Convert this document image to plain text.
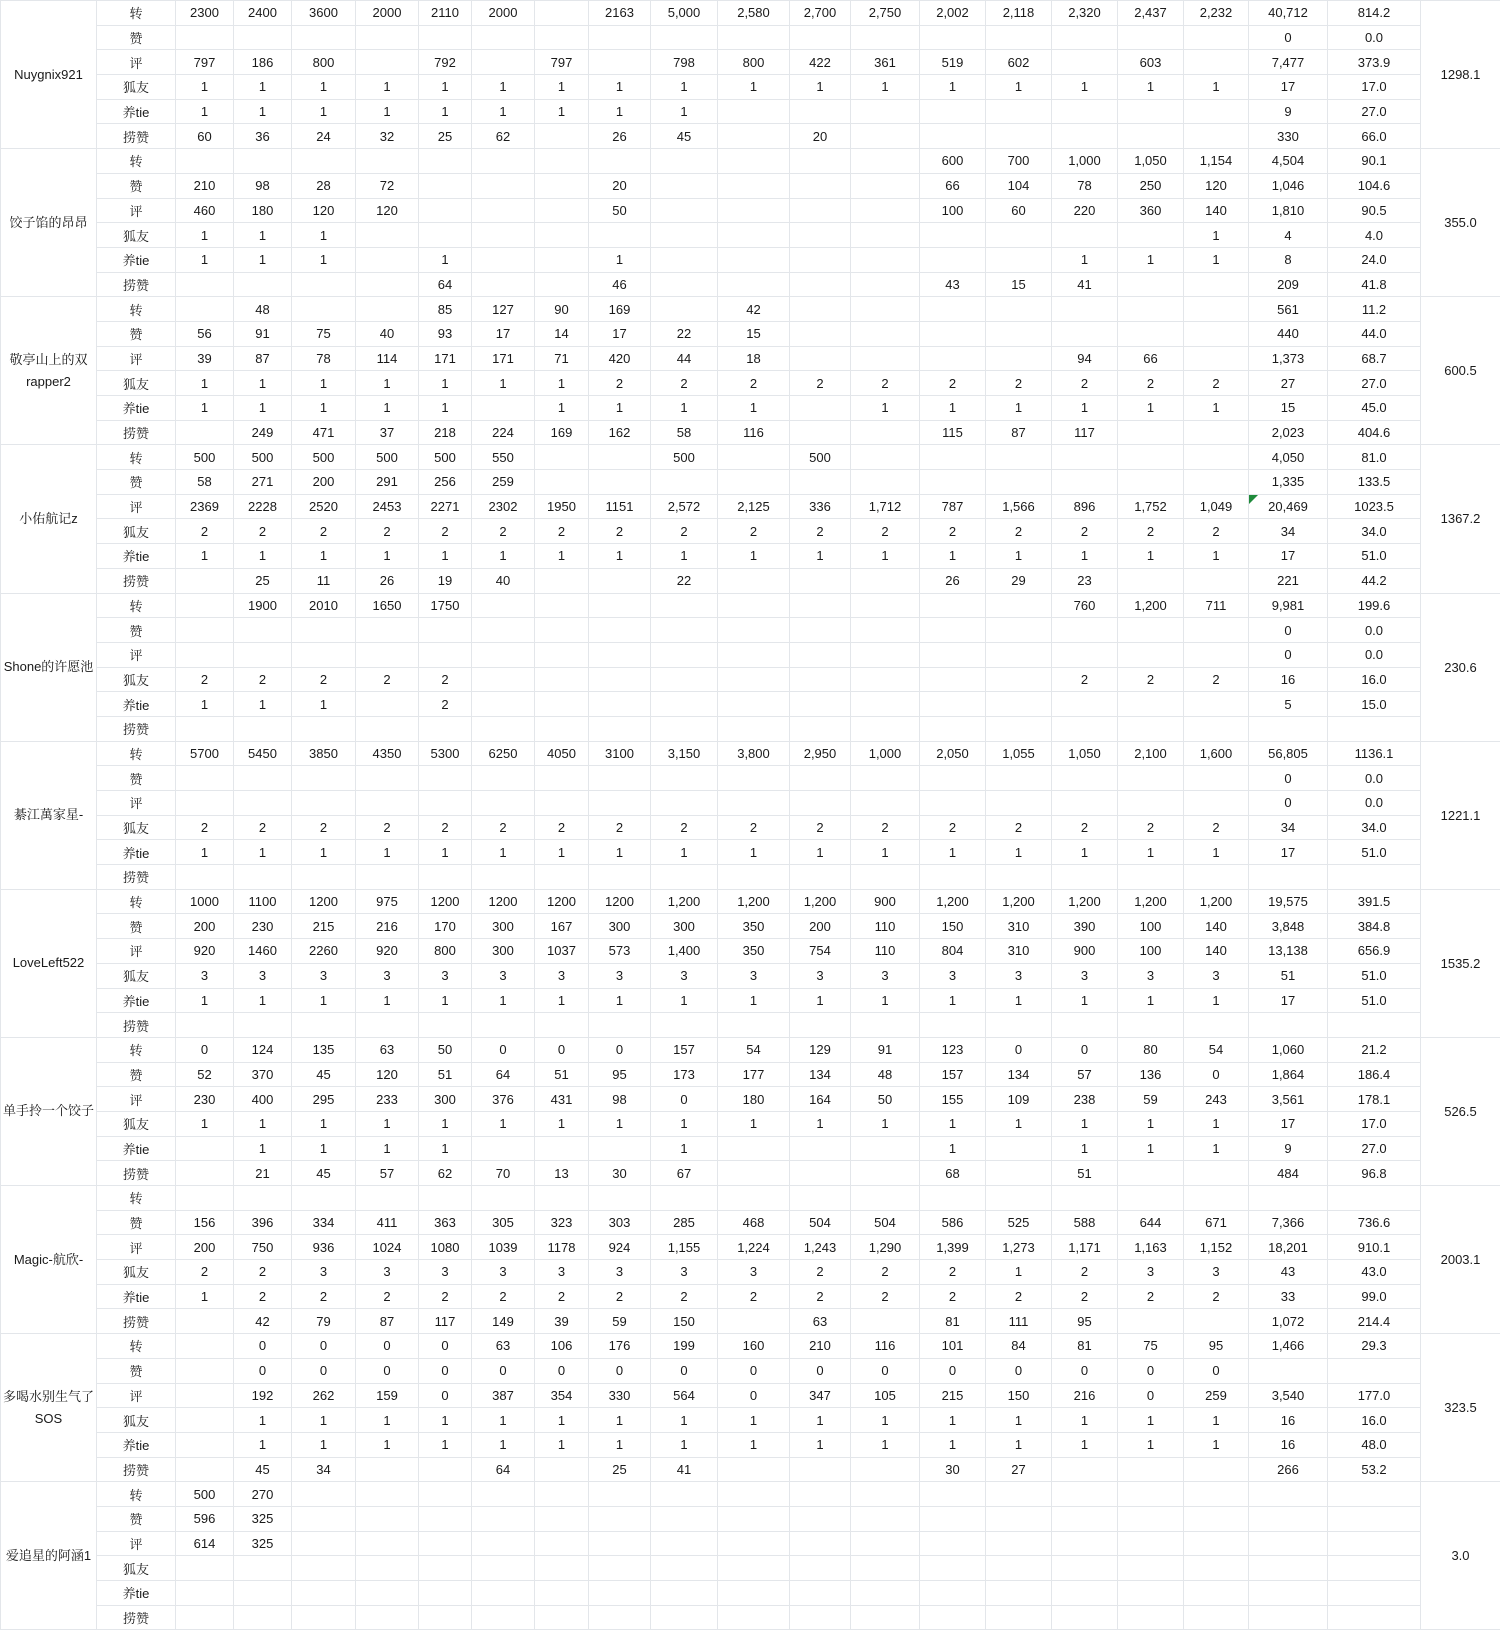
Nuygnix921	转	2300	2400	3600	2000	2110	2000		2163	5,000	2,580	2,700	2,750	2,002	2,118	2,320	2,437	2,232	40,712	814.2	1298.1
	赞																		0	0.0	
	评	797	186	800		792		797		798	800	422	361	519	602		603		7,477	373.9	
	狐友	1	1	1	1	1	1	1	1	1	1	1	1	1	1	1	1	1	17	17.0	
	养tie	1	1	1	1	1	1	1	1	1									9	27.0	
	捞赞	60	36	24	32	25	62		26	45		20							330	66.0	
饺子馅的昂昂	转													600	700	1,000	1,050	1,154	4,504	90.1	355.0
	赞	210	98	28	72				20					66	104	78	250	120	1,046	104.6	
	评	460	180	120	120				50					100	60	220	360	140	1,810	90.5	
	狐友	1	1	1														1	4	4.0	
	养tie	1	1	1		1			1							1	1	1	8	24.0	
	捞赞					64			46					43	15	41			209	41.8	
敬亭山上的双rapper2	转		48			85	127	90	169		42								561	11.2	600.5
	赞	56	91	75	40	93	17	14	17	22	15								440	44.0	
	评	39	87	78	114	171	171	71	420	44	18					94	66		1,373	68.7	
	狐友	1	1	1	1	1	1	1	2	2	2	2	2	2	2	2	2	2	27	27.0	
	养tie	1	1	1	1	1		1	1	1	1		1	1	1	1	1	1	15	45.0	
	捞赞		249	471	37	218	224	169	162	58	116			115	87	117			2,023	404.6	
小佑航记z	转	500	500	500	500	500	550			500		500							4,050	81.0	1367.2
	赞	58	271	200	291	256	259												1,335	133.5	
	评	2369	2228	2520	2453	2271	2302	1950	1151	2,572	2,125	336	1,712	787	1,566	896	1,752	1,049	20,469	1023.5	
	狐友	2	2	2	2	2	2	2	2	2	2	2	2	2	2	2	2	2	34	34.0	
	养tie	1	1	1	1	1	1	1	1	1	1	1	1	1	1	1	1	1	17	51.0	
	捞赞		25	11	26	19	40			22				26	29	23			221	44.2	
Shone的许愿池	转		1900	2010	1650	1750										760	1,200	711	9,981	199.6	230.6
	赞																		0	0.0	
	评																		0	0.0	
	狐友	2	2	2	2	2										2	2	2	16	16.0	
	养tie	1	1	1		2													5	15.0	
	捞赞																				
綦江萬家星-	转	5700	5450	3850	4350	5300	6250	4050	3100	3,150	3,800	2,950	1,000	2,050	1,055	1,050	2,100	1,600	56,805	1136.1	1221.1
	赞																		0	0.0	
	评																		0	0.0	
	狐友	2	2	2	2	2	2	2	2	2	2	2	2	2	2	2	2	2	34	34.0	
	养tie	1	1	1	1	1	1	1	1	1	1	1	1	1	1	1	1	1	17	51.0	
	捞赞																				
LoveLeft522	转	1000	1100	1200	975	1200	1200	1200	1200	1,200	1,200	1,200	900	1,200	1,200	1,200	1,200	1,200	19,575	391.5	1535.2
	赞	200	230	215	216	170	300	167	300	300	350	200	110	150	310	390	100	140	3,848	384.8	
	评	920	1460	2260	920	800	300	1037	573	1,400	350	754	110	804	310	900	100	140	13,138	656.9	
	狐友	3	3	3	3	3	3	3	3	3	3	3	3	3	3	3	3	3	51	51.0	
	养tie	1	1	1	1	1	1	1	1	1	1	1	1	1	1	1	1	1	17	51.0	
	捞赞																				
单手拎一个饺子	转	0	124	135	63	50	0	0	0	157	54	129	91	123	0	0	80	54	1,060	21.2	526.5
	赞	52	370	45	120	51	64	51	95	173	177	134	48	157	134	57	136	0	1,864	186.4	
	评	230	400	295	233	300	376	431	98	0	180	164	50	155	109	238	59	243	3,561	178.1	
	狐友	1	1	1	1	1	1	1	1	1	1	1	1	1	1	1	1	1	17	17.0	
	养tie		1	1	1	1				1				1		1	1	1	9	27.0	
	捞赞		21	45	57	62	70	13	30	67				68		51			484	96.8	
Magic-航欣-	转																				2003.1
	赞	156	396	334	411	363	305	323	303	285	468	504	504	586	525	588	644	671	7,366	736.6	
	评	200	750	936	1024	1080	1039	1178	924	1,155	1,224	1,243	1,290	1,399	1,273	1,171	1,163	1,152	18,201	910.1	
	狐友	2	2	3	3	3	3	3	3	3	3	2	2	2	1	2	3	3	43	43.0	
	养tie	1	2	2	2	2	2	2	2	2	2	2	2	2	2	2	2	2	33	99.0	
	捞赞		42	79	87	117	149	39	59	150		63		81	111	95			1,072	214.4	
多喝水别生气了SOS	转		0	0	0	0	63	106	176	199	160	210	116	101	84	81	75	95	1,466	29.3	323.5
	赞		0	0	0	0	0	0	0	0	0	0	0	0	0	0	0	0			
	评		192	262	159	0	387	354	330	564	0	347	105	215	150	216	0	259	3,540	177.0	
	狐友		1	1	1	1	1	1	1	1	1	1	1	1	1	1	1	1	16	16.0	
	养tie		1	1	1	1	1	1	1	1	1	1	1	1	1	1	1	1	16	48.0	
	捞赞		45	34			64		25	41				30	27				266	53.2	
爱追星的阿涵1	转	500	270																		3.0
	赞	596	325																		
	评	614	325																		
	狐友																				
	养tie																				
	捞赞																				
